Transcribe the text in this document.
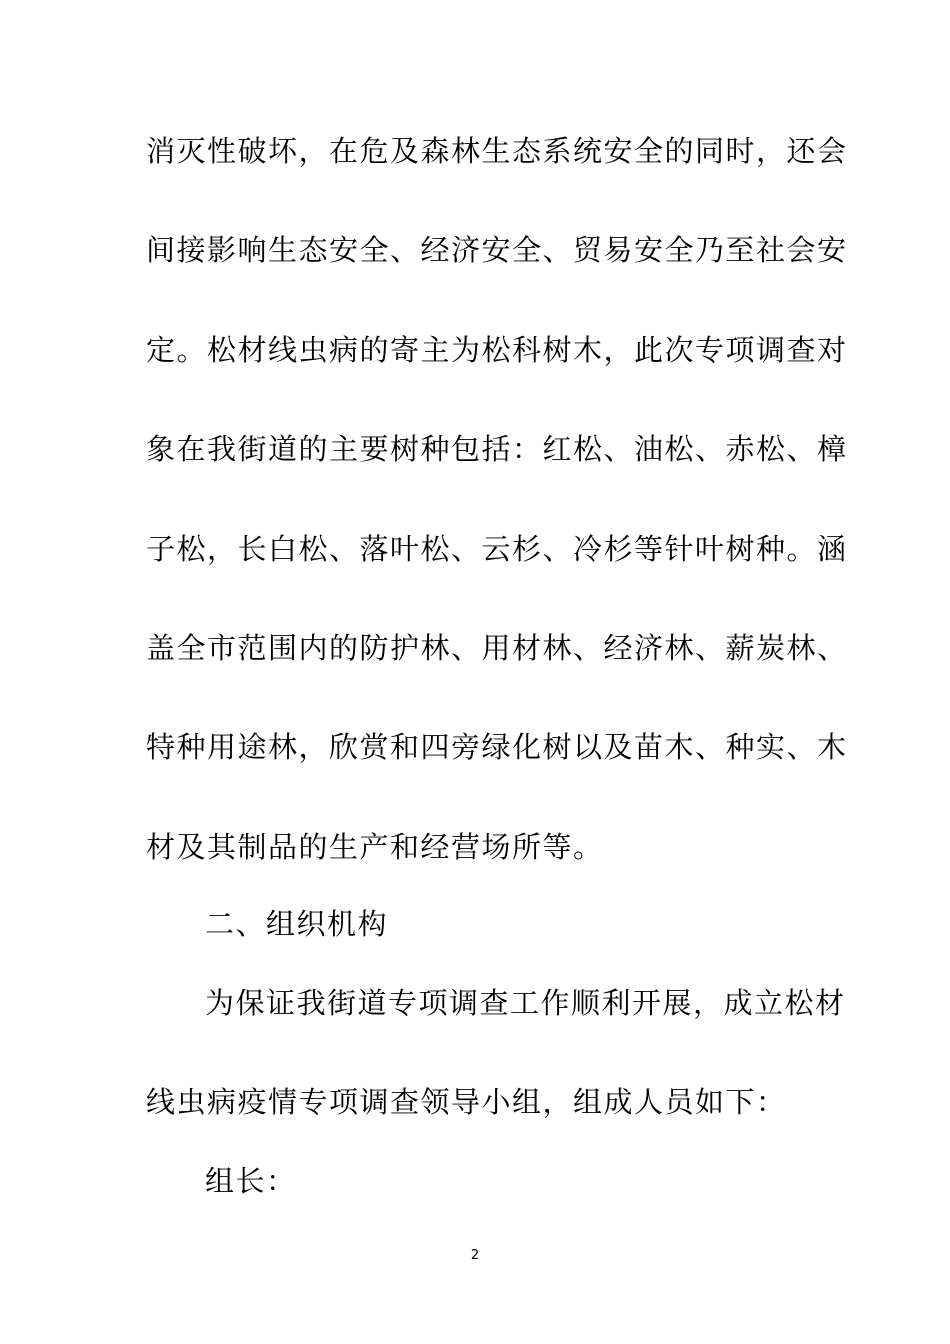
消灭性破坏，在危及森林生态系统安全的同时，还会
间接影响生态安全、经济安全、贸易安全乃至社会安
定。松材线虫病的寄主为松科树木，此次专项调查对
象在我街道的主要树种包括：红松、油松、赤松、樟
子松，长白松、落叶松、云杉、冷杉等针叶树种。涵
盖全市范围内的防护林、用材林、经济林、薪炭林、
特种用途林，欣赏和四旁绿化树以及苗木、种实、木
材及其制品的生产和经营场所等。
二、组织机构
为保证我街道专项调查工作顺利开展，成立松材
线虫病疫情专项调查领导小组，组成人员如下：
组长：
2
